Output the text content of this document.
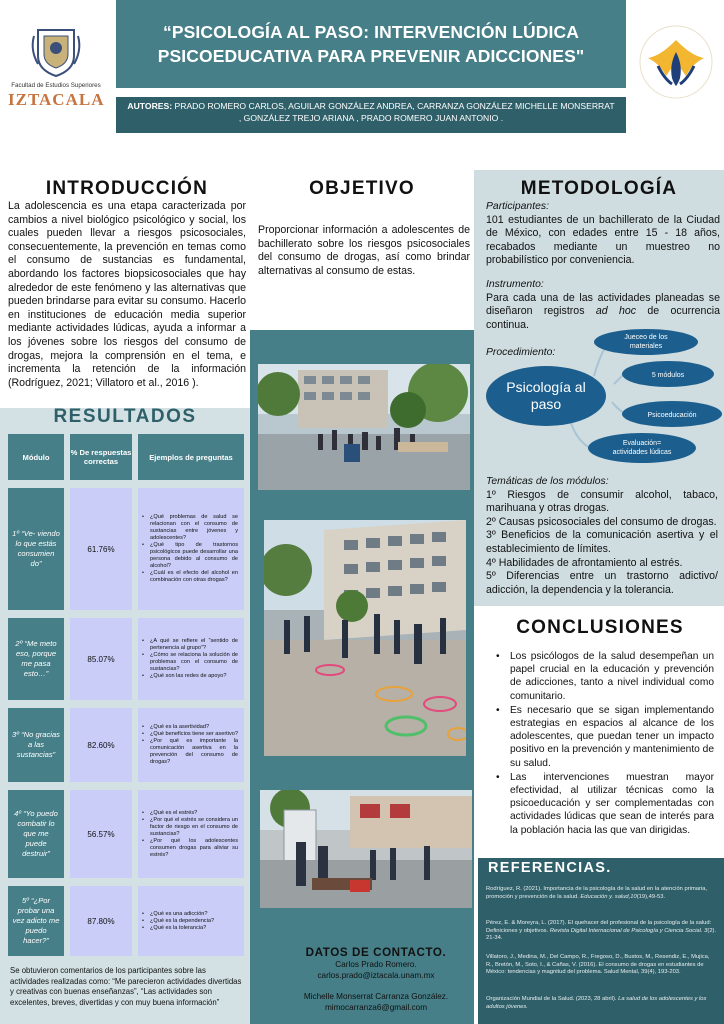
Facultad de Estudios Superiores
IZTACALA
“PSICOLOGÍA AL PASO: INTERVENCIÓN LÚDICA
PSICOEDUCATIVA PARA PREVENIR ADICCIONES"
AUTORES: PRADO ROMERO CARLOS, AGUILAR GONZÁLEZ ANDREA, CARRANZA GONZÁLEZ MICHELLE MONSERRAT , GONZÁLEZ TREJO ARIANA , PRADO ROMERO JUAN ANTONIO .
INTRODUCCIÓN
La adolescencia es una etapa caracterizada por cambios a nivel biológico psicológico y social, los cuales pueden llevar a riesgos psicosociales, consecuentemente, la prevención en temas como el consumo de sustancias es fundamental, abordando los factores biopsicosociales que hay alrededor de este fenómeno y las alternativas que pueden brindarse para evitar su consumo. Hacerlo en instituciones de educación media superior mediante actividades lúdicas, ayuda a informar a los jóvenes sobre los riesgos del consumo de drogas, mejora la comprensión en el tema, e incrementa la retención de la información (Rodríguez, 2021; Villatoro et al., 2016 ).
OBJETIVO
Proporcionar información a adolescentes de bachillerato sobre los riesgos psicosociales del consumo de drogas, así como brindar alternativas al consumo de estas.
METODOLOGÍA
Participantes:
101 estudiantes de un bachillerato de la Ciudad de México, con edades entre 15 - 18 años, recabados mediante un muestreo no probabilístico por conveniencia.
Instrumento:
Para cada una de las actividades planeadas se diseñaron registros ad hoc de ocurrencia continua.
Procedimiento:
Psicología al
paso
Jueceo de los
materiales
5 módulos
Psicoeducación
Evaluación=
actividades lúdicas
Temáticas de los módulos:
1º Riesgos de consumir alcohol, tabaco, marihuana y otras drogas.
2º Causas psicosociales del consumo de drogas.
3º Beneficios de la comunicación asertiva y el establecimiento de límites.
4º Habilidades de afrontamiento al estrés.
5º Diferencias entre un trastorno adictivo/ adicción, la dependencia y la tolerancia.
RESULTADOS
Módulo	% De respuestas correctas	Ejemplos de preguntas
1º “Ve- viendo lo que estás consumien do”
61.76%
• ¿Qué problemas de salud se relacionan con el consumo de sustancias entre jóvenes y adolescentes?
• ¿Qué tipo de trastornos psicológicos puede desarrollar una persona debido al consumo de alcohol?
• ¿Cuál es el efecto del alcohol en combinación con otras drogas?
2º “Me meto eso, porque me pasa esto…”
85.07%
• ¿A qué se refiere el “sentido de pertenencia al grupo”?
• ¿Cómo se relaciona la solución de problemas con el consumo de sustancias?
• ¿Qué son las redes de apoyo?
3º “No gracias a las sustancias”
82.60%
• ¿Qué es la asertividad?
• ¿Qué beneficios tiene ser asertivo?
• ¿Por qué es importante la comunicación asertiva en la prevención del consumo de drogas?
4º “Yo puedo combatir lo que me puede destruir”
56.57%
• ¿Qué es el estrés?
• ¿Por qué el estrés se considera un factor de riesgo en el consumo de sustancias?
• ¿Por qué los adolescentes consumen drogas para aliviar su estrés?
5º “¿Por probar una vez adicto me puedo hacer?”
87.80%
• ¿Qué es una adicción?
• ¿Qué es la dependencia?
• ¿Qué es la tolerancia?
Se obtuvieron comentarios de los participantes sobre las actividades realizadas como: “Me parecieron actividades divertidas y creativas con buenas enseñanzas”, “Las actividades son excelentes, breves, divertidas y con muy buena información”
DATOS DE CONTACTO.
Carlos Prado Romero.
carlos.prado@iztacala.unam.mx
Michelle Monserrat Carranza González.
mimocarranza6@gmail.com
CONCLUSIONES
• Los psicólogos de la salud desempeñan un papel crucial en la educación y prevención de adicciones, tanto a nivel individual como comunitario.
• Es necesario que se sigan implementando estrategias en espacios al alcance de los adolescentes, que puedan tener un impacto positivo en la prevención y mantenimiento de su salud.
• Las intervenciones muestran mayor efectividad, al utilizar técnicas como la psicoeducación y ser complementadas con actividades lúdicas que sean de interés para la población hacia las que van dirigidas.
REFERENCIAS.
Rodríguez, R. (2021). Importancia de la psicología de la salud en la atención primaria, promoción y prevención de la salud. Educación y. salud,10(19),49-53.
Pérez, E. & Moreyra, L. (2017). El quehacer del profesional de la psicología de la salud: Definiciones y objetivos. Revista Digital Internacional de Psicología y Ciencia Social. 3(2). 21-34.
Villatoro, J., Medina, M., Del Campo, R., Fregoso, D., Bustos, M., Resendiz, E., Mujica, R., Bretón, M., Soto, I., & Cañas, V. (2016). El consumo de drogas en estudiantes de México: tendencias y magnitud del problema. Salud Mental, 39(4), 193-203.
Organización Mundial de la Salud. (2023, 28 abril). La salud de los adolescentes y los adultos jóvenes.
